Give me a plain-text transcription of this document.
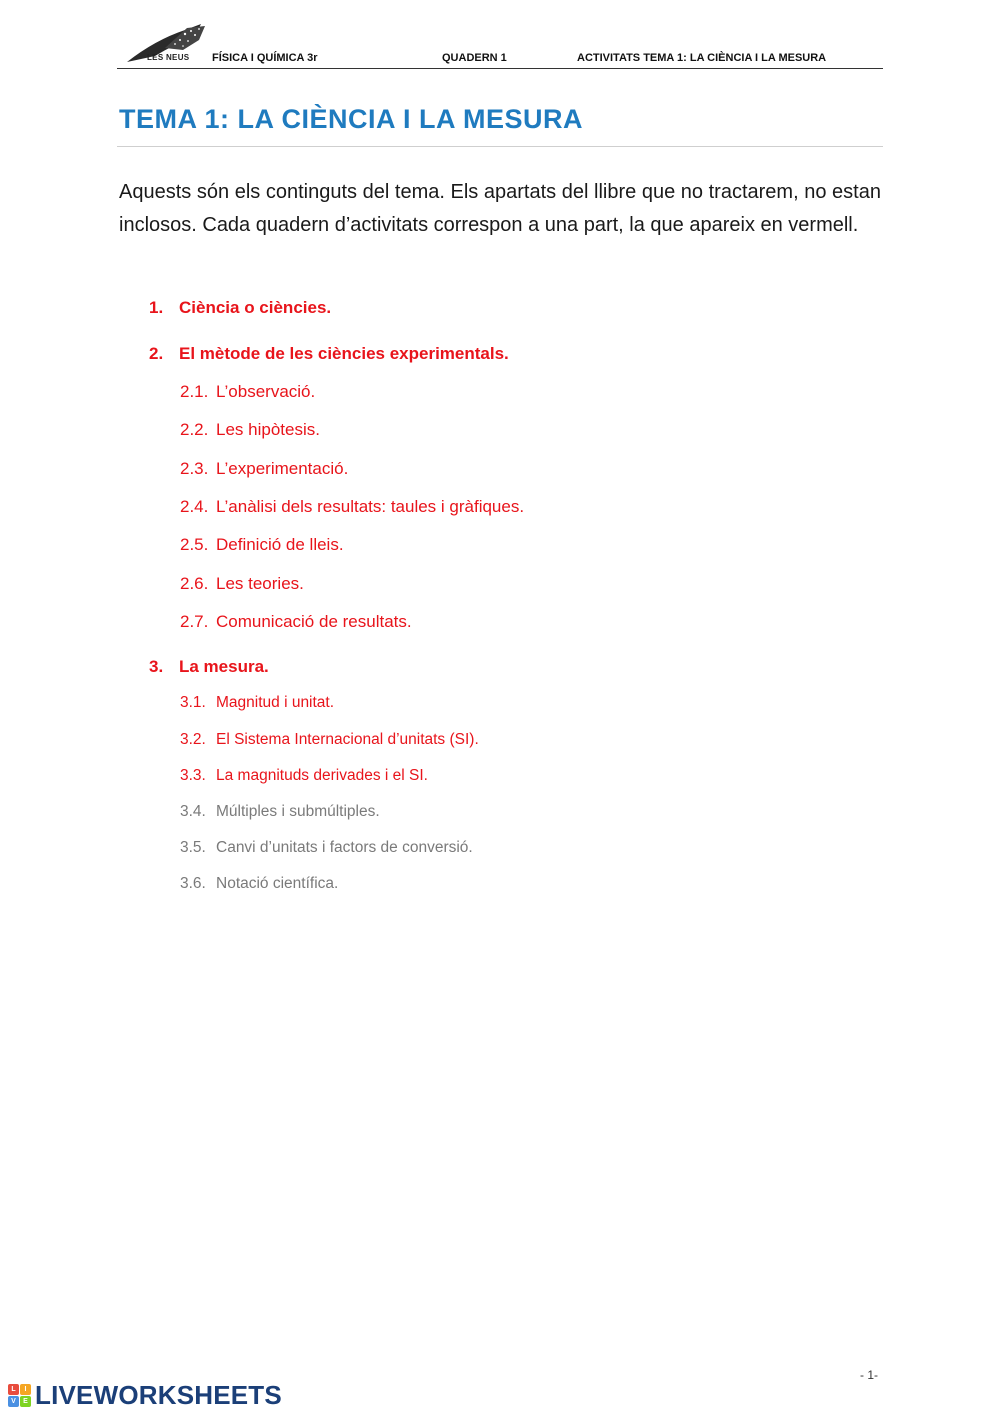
LES NEUS FÍSICA I QUÍMICA 3r	QUADERN 1	ACTIVITATS TEMA 1: LA CIÈNCIA I LA MESURA
TEMA 1: LA CIÈNCIA I LA MESURA
Aquests són els continguts del tema. Els apartats del llibre que no tractarem, no estan inclosos. Cada quadern d’activitats correspon a una part, la que apareix en vermell.
1. Ciència o ciències.
2. El mètode de les ciències experimentals.
2.1. L’observació.
2.2. Les hipòtesis.
2.3. L’experimentació.
2.4. L’anàlisi dels resultats: taules i gràfiques.
2.5. Definició de lleis.
2.6. Les teories.
2.7. Comunicació de resultats.
3. La mesura.
3.1. Magnitud i unitat.
3.2. El Sistema Internacional d’unitats (SI).
3.3. La magnituds derivades i el SI.
3.4. Múltiples i submúltiples.
3.5. Canvi d’unitats i factors de conversió.
3.6. Notació científica.
- 1-
L	I
V	E LIVEWORKSHEETS
